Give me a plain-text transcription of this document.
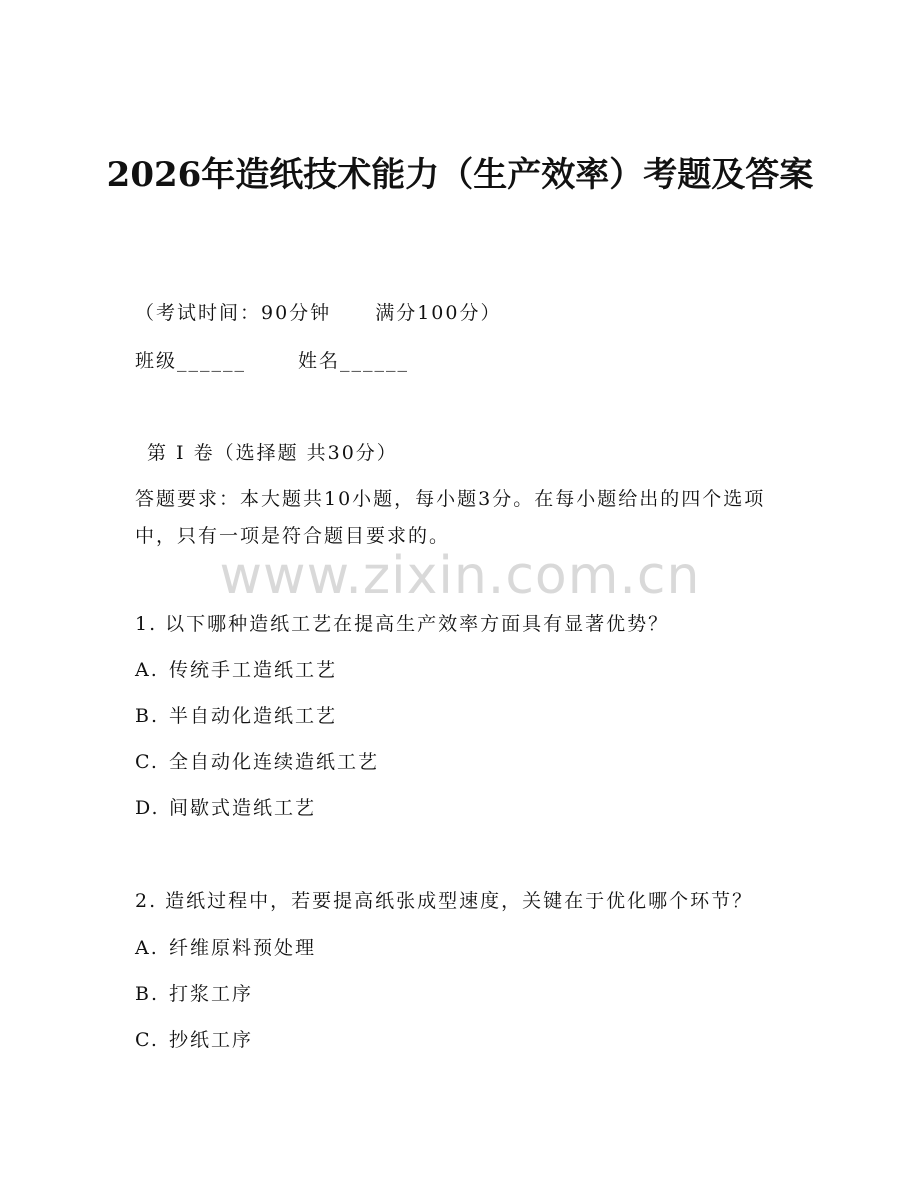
www.zixin.com.cn
2026年造纸技术能力（生产效率）考题及答案
（考试时间：90分钟 满分100分）
班级______	姓名______
第 I 卷（选择题 共30分）
答题要求：本大题共10小题，每小题3分。在每小题给出的四个选项中，只有一项是符合题目要求的。
1. 以下哪种造纸工艺在提高生产效率方面具有显著优势？
A. 传统手工造纸工艺
B. 半自动化造纸工艺
C. 全自动化连续造纸工艺
D. 间歇式造纸工艺
2. 造纸过程中，若要提高纸张成型速度，关键在于优化哪个环节？
A. 纤维原料预处理
B. 打浆工序
C. 抄纸工序
